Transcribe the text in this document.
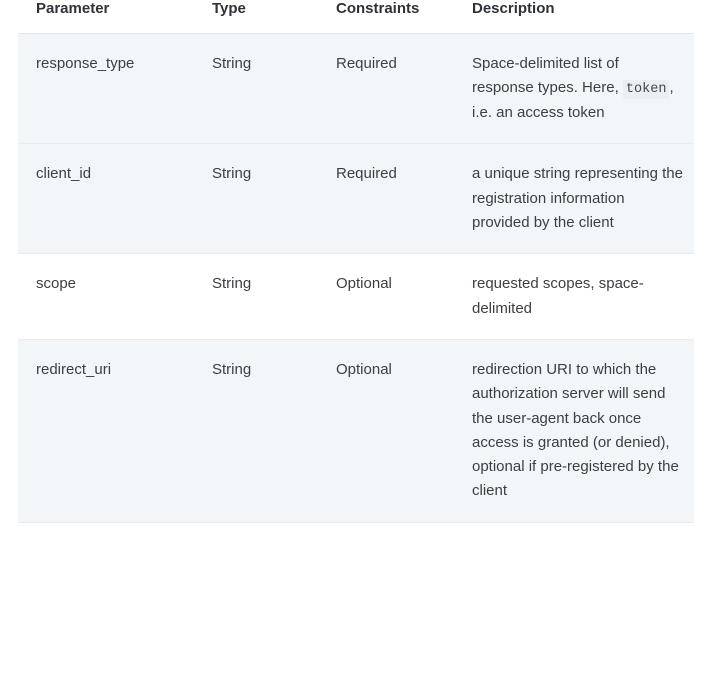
Parameter	Type	Constraints	Description
response_type	String	Required	Space-delimited list of response types. Here, token , i.e. an access token
client_id	String	Required	a unique string representing the registration information provided by the client
scope	String	Optional	requested scopes, space-delimited
redirect_uri	String	Optional	redirection URI to which the authorization server will send the user-agent back once access is granted (or denied), optional if pre-registered by the client
